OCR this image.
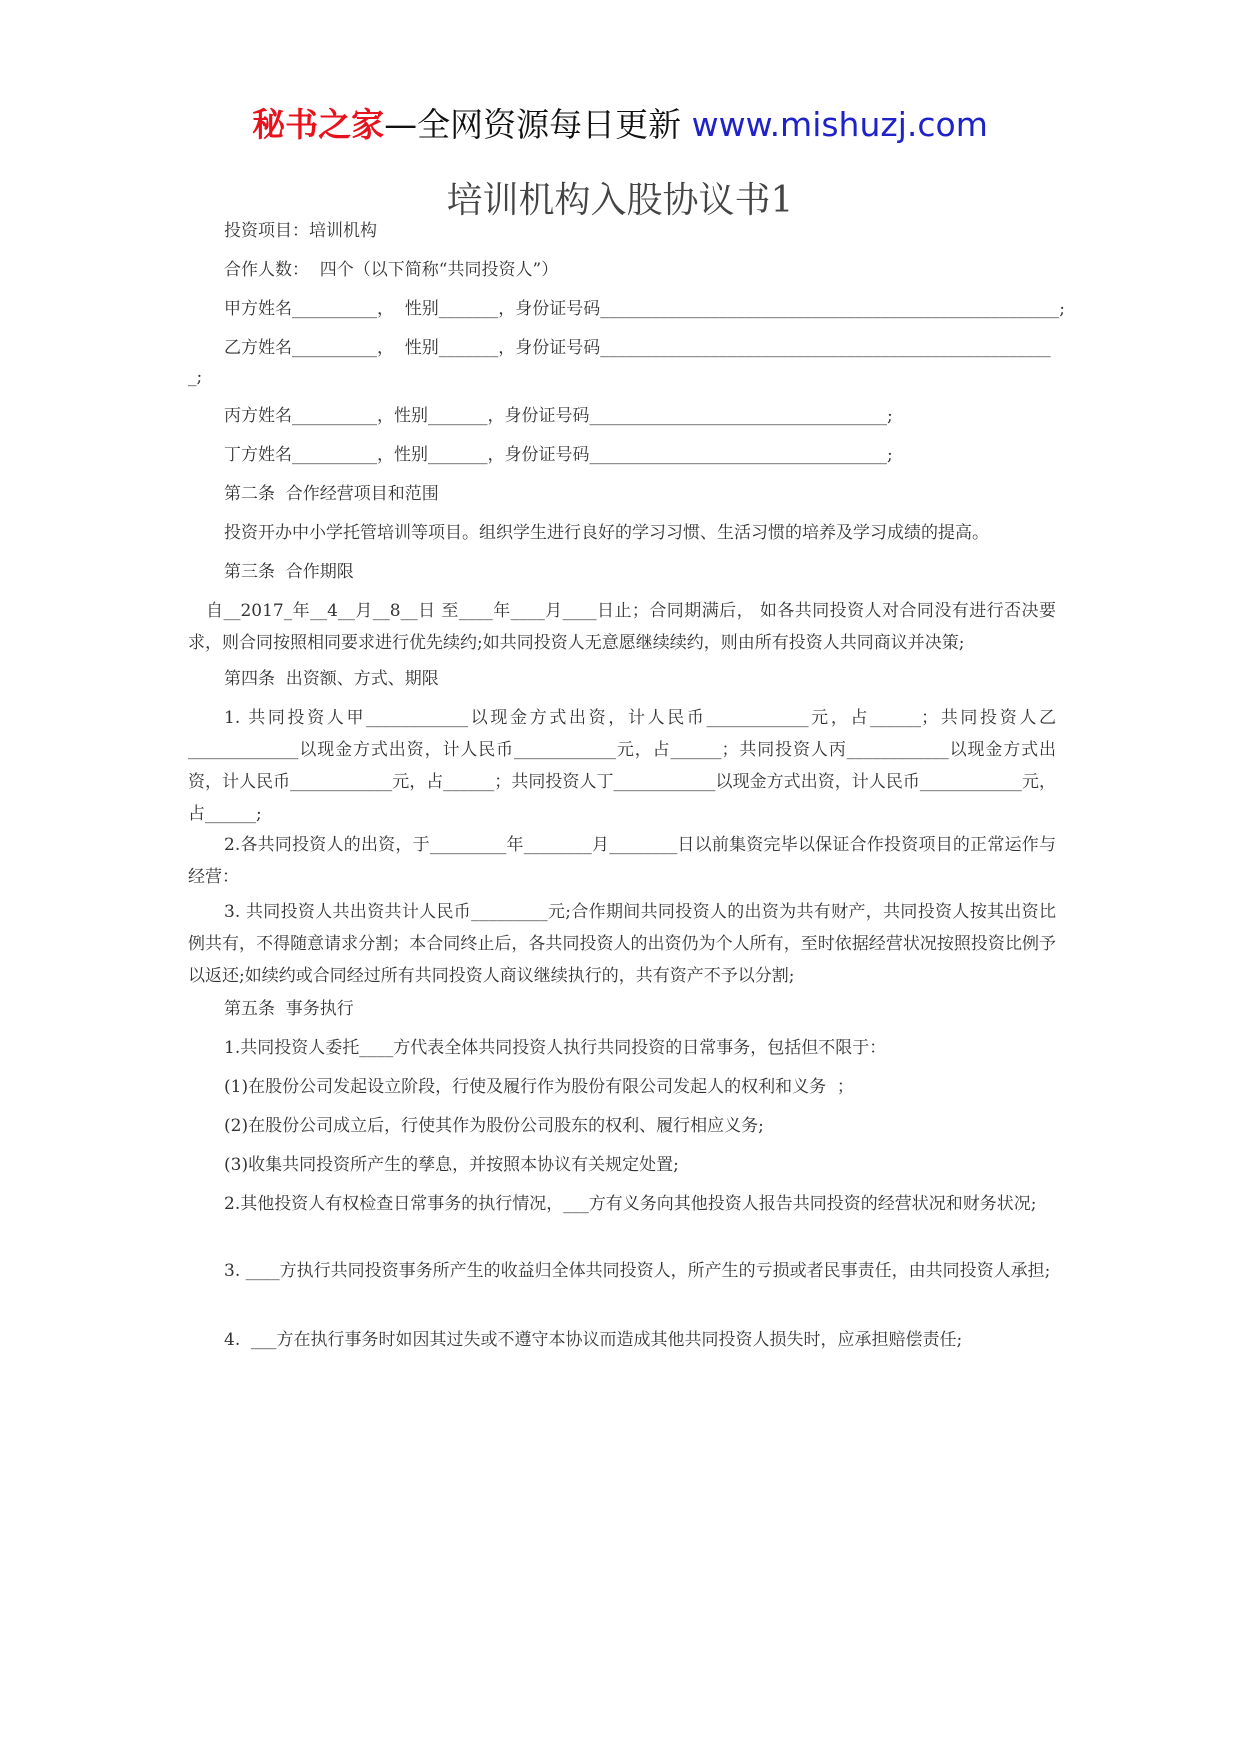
秘书之家—全网资源每日更新 www.mishuzj.com
培训机构入股协议书1
投资项目：培训机构
合作人数：  四个（以下简称“共同投资人”）
甲方姓名__________，  性别_______，身份证号码______________________________________________________;
乙方姓名__________，  性别_______，身份证号码_____________________________________________________
_;
丙方姓名__________，性别_______，身份证号码___________________________________;
丁方姓名__________，性别_______，身份证号码___________________________________;
第二条  合作经营项目和范围
投资开办中小学托管培训等项目。组织学生进行良好的学习习惯、生活习惯的培养及学习成绩的提高。
第三条  合作期限
自__2017_年__4__月__8__日 至____年____月____日止；合同期满后， 如各共同投资人对合同没有进行否决要求，则合同按照相同要求进行优先续约;如共同投资人无意愿继续续约，则由所有投资人共同商议并决策;
第四条  出资额、方式、期限
1. 共同投资人甲____________以现金方式出资，计人民币____________元，占______；共同投资人乙_____________以现金方式出资，计人民币____________元，占______；共同投资人丙____________以现金方式出资，计人民币____________元，占______；共同投资人丁____________以现金方式出资，计人民币____________元，占______;
2.各共同投资人的出资，于_________年________月________日以前集资完毕以保证合作投资项目的正常运作与经营：
3. 共同投资人共出资共计人民币_________元;合作期间共同投资人的出资为共有财产，共同投资人按其出资比例共有，不得随意请求分割；本合同终止后，各共同投资人的出资仍为个人所有，至时依据经营状况按照投资比例予以返还;如续约或合同经过所有共同投资人商议继续执行的，共有资产不予以分割;
第五条  事务执行
1.共同投资人委托____方代表全体共同投资人执行共同投资的日常事务，包括但不限于：
(1)在股份公司发起设立阶段，行使及履行作为股份有限公司发起人的权利和义务  ；
(2)在股份公司成立后，行使其作为股份公司股东的权利、履行相应义务;
(3)收集共同投资所产生的孳息，并按照本协议有关规定处置;
2.其他投资人有权检查日常事务的执行情况，___方有义务向其他投资人报告共同投资的经营状况和财务状况;
3. ____方执行共同投资事务所产生的收益归全体共同投资人，所产生的亏损或者民事责任，由共同投资人承担;
4.  ___方在执行事务时如因其过失或不遵守本协议而造成其他共同投资人损失时，应承担赔偿责任;
